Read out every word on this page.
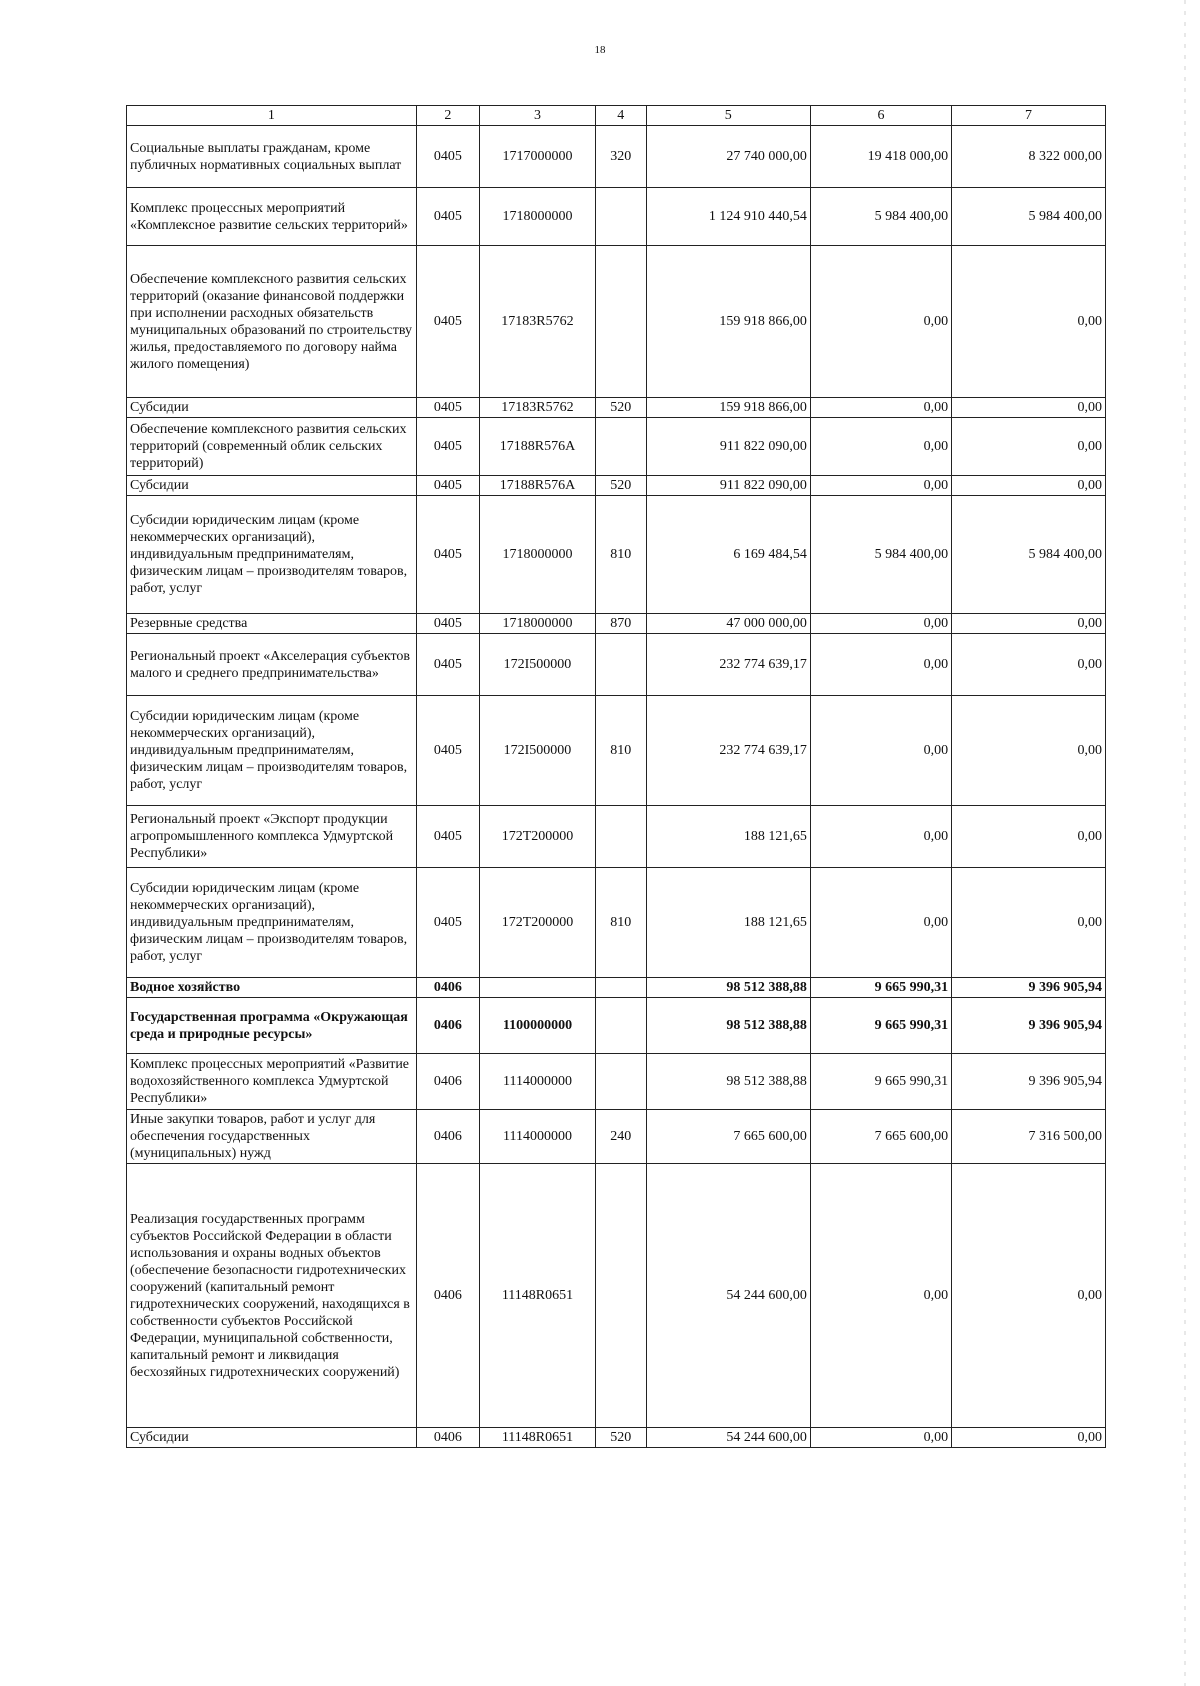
18
1	2	3	4	5	6	7
Социальные выплаты гражданам, кроме публичных нормативных социальных выплат	0405	1717000000	320	27 740 000,00	19 418 000,00	8 322 000,00
Комплекс процессных мероприятий «Комплексное развитие сельских территорий»	0405	1718000000		1 124 910 440,54	5 984 400,00	5 984 400,00
Обеспечение комплексного развития сельских территорий (оказание финансовой поддержки при исполнении расходных обязательств муниципальных образований по строительству жилья, предоставляемого по договору найма жилого помещения)	0405	17183R5762		159 918 866,00	0,00	0,00
Субсидии	0405	17183R5762	520	159 918 866,00	0,00	0,00
Обеспечение комплексного развития сельских территорий (современный облик сельских территорий)	0405	17188R576A		911 822 090,00	0,00	0,00
Субсидии	0405	17188R576A	520	911 822 090,00	0,00	0,00
Субсидии юридическим лицам (кроме некоммерческих организаций), индивидуальным предпринимателям, физическим лицам – производителям товаров, работ, услуг	0405	1718000000	810	6 169 484,54	5 984 400,00	5 984 400,00
Резервные средства	0405	1718000000	870	47 000 000,00	0,00	0,00
Региональный проект «Акселерация субъектов малого и среднего предпринимательства»	0405	172I500000		232 774 639,17	0,00	0,00
Субсидии юридическим лицам (кроме некоммерческих организаций), индивидуальным предпринимателям, физическим лицам – производителям товаров, работ, услуг	0405	172I500000	810	232 774 639,17	0,00	0,00
Региональный проект «Экспорт продукции агропромышленного комплекса Удмуртской Республики»	0405	172T200000		188 121,65	0,00	0,00
Субсидии юридическим лицам (кроме некоммерческих организаций), индивидуальным предпринимателям, физическим лицам – производителям товаров, работ, услуг	0405	172T200000	810	188 121,65	0,00	0,00
Водное хозяйство	0406			98 512 388,88	9 665 990,31	9 396 905,94
Государственная программа «Окружающая среда и природные ресурсы»	0406	1100000000		98 512 388,88	9 665 990,31	9 396 905,94
Комплекс процессных мероприятий «Развитие водохозяйственного комплекса Удмуртской Республики»	0406	1114000000		98 512 388,88	9 665 990,31	9 396 905,94
Иные закупки товаров, работ и услуг для обеспечения государственных (муниципальных) нужд	0406	1114000000	240	7 665 600,00	7 665 600,00	7 316 500,00
Реализация государственных программ субъектов Российской Федерации в области использования и охраны водных объектов (обеспечение безопасности гидротехнических сооружений (капитальный ремонт гидротехнических сооружений, находящихся в собственности субъектов Российской Федерации, муниципальной собственности, капитальный ремонт и ликвидация бесхозяйных гидротехнических сооружений)	0406	11148R0651		54 244 600,00	0,00	0,00
Субсидии	0406	11148R0651	520	54 244 600,00	0,00	0,00
